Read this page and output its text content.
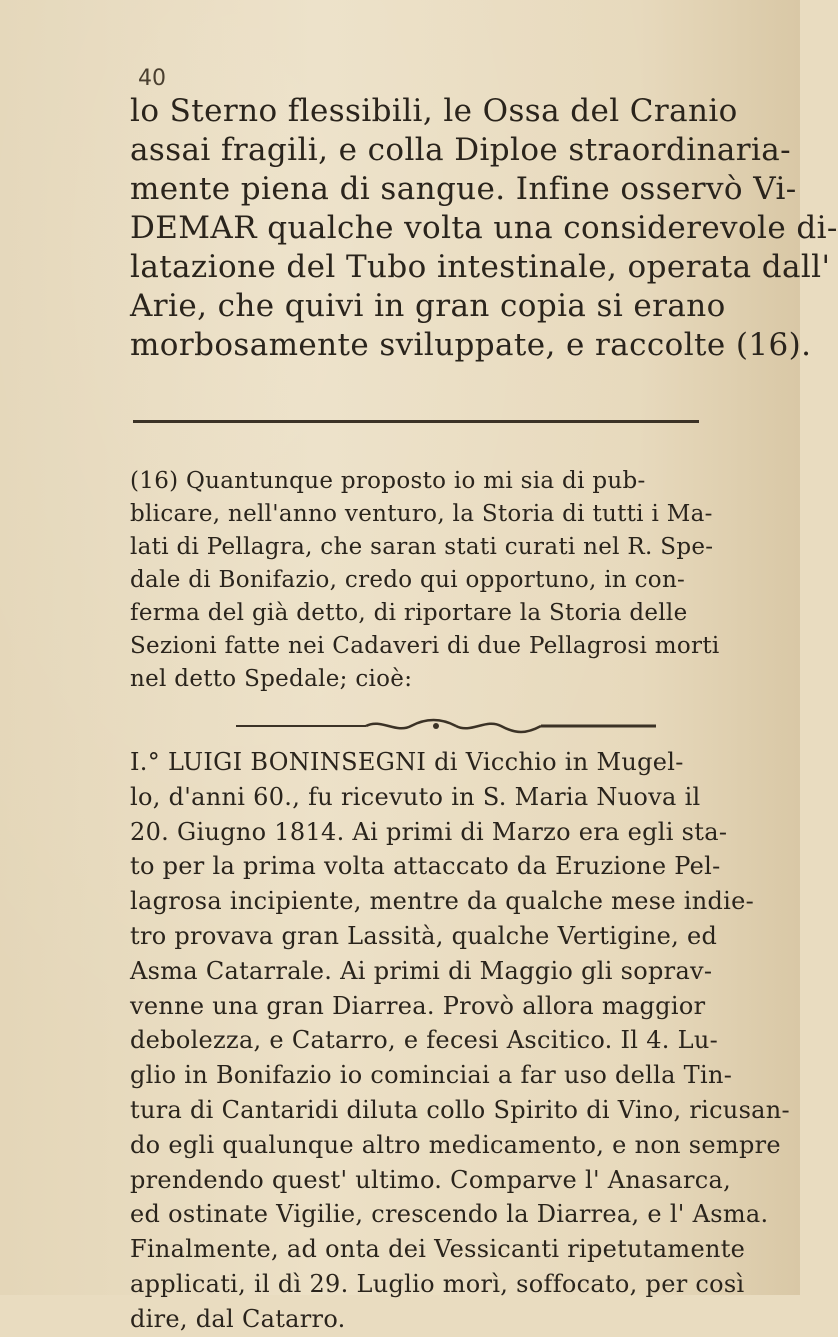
40
lo Sterno flessibili, le Ossa del Cranio
assai fragili, e colla Diploe straordinaria-
mente piena di sangue. Infine osservò Vi-
DEMAR qualche volta una considerevole di-
latazione del Tubo intestinale, operata dall'
Arie, che quivi in gran copia si erano
morbosamente sviluppate, e raccolte (16).
(16) Quantunque proposto io mi sia di pub-
blicare, nell'anno venturo, la Storia di tutti i Ma-
lati di Pellagra, che saran stati curati nel R. Spe-
dale di Bonifazio, credo qui opportuno, in con-
ferma del già detto, di riportare la Storia delle
Sezioni fatte nei Cadaveri di due Pellagrosi morti
nel detto Spedale; cioè:
I.° LUIGI BONINSEGNI di Vicchio in Mugel-
lo, d'anni 60., fu ricevuto in S. Maria Nuova il
20. Giugno 1814. Ai primi di Marzo era egli sta-
to per la prima volta attaccato da Eruzione Pel-
lagrosa incipiente, mentre da qualche mese indie-
tro provava gran Lassità, qualche Vertigine, ed
Asma Catarrale. Ai primi di Maggio gli soprav-
venne una gran Diarrea. Provò allora maggior
debolezza, e Catarro, e fecesi Ascitico. Il 4. Lu-
glio in Bonifazio io cominciai a far uso della Tin-
tura di Cantaridi diluta collo Spirito di Vino, ricusan-
do egli qualunque altro medicamento, e non sempre
prendendo quest' ultimo. Comparve l' Anasarca,
ed ostinate Vigilie, crescendo la Diarrea, e l' Asma.
Finalmente, ad onta dei Vessicanti ripetutamente
applicati, il dì 29. Luglio morì, soffocato, per così
dire, dal Catarro.
